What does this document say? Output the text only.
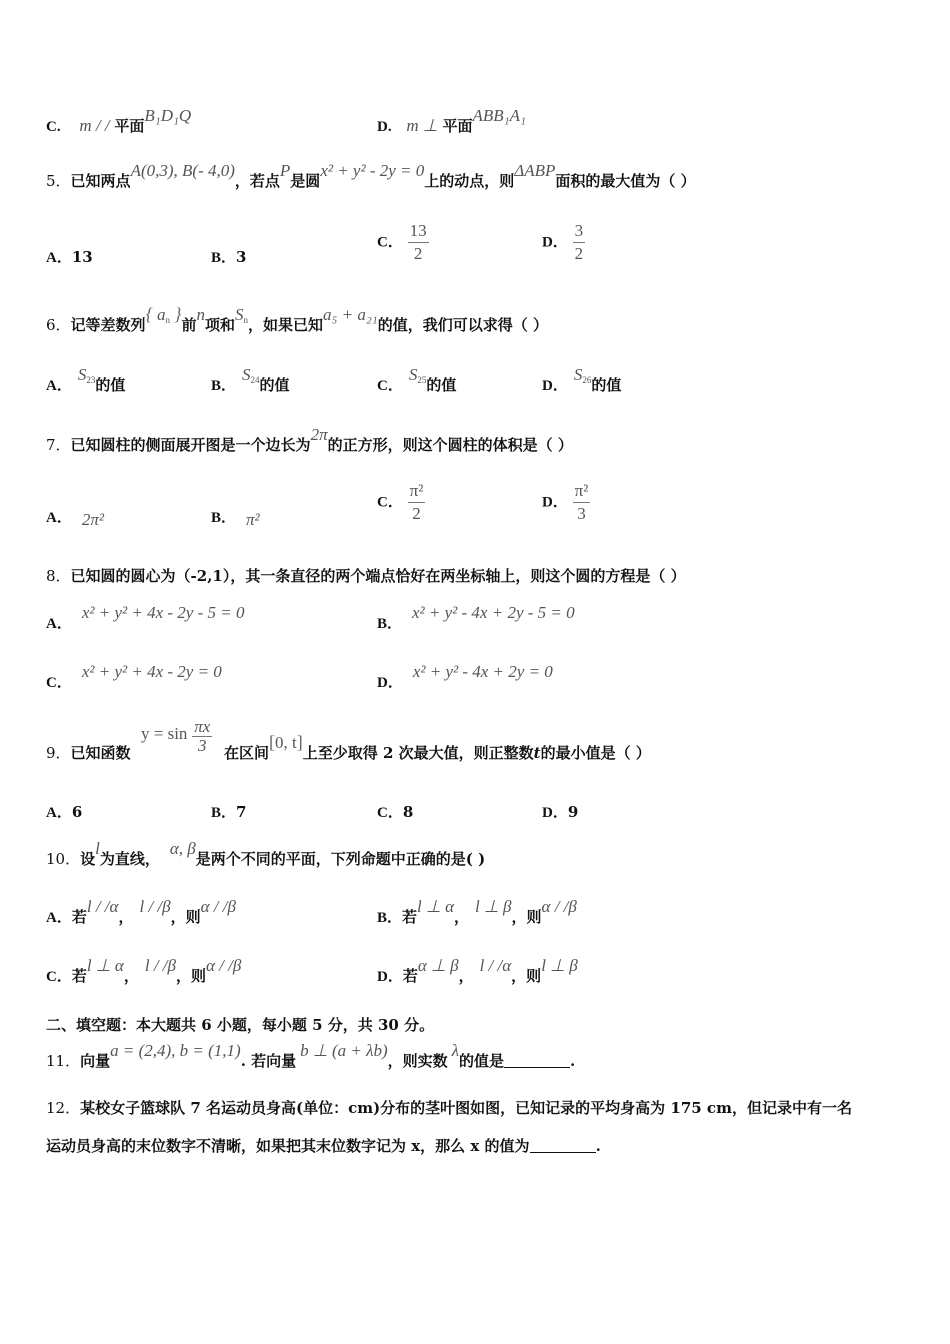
C. m / / 平面B₁D₁Q
D. m ⊥ 平面ABB₁A₁
5．已知两点A(0,3), B(- 4,0)，若点P是圆x² + y² - 2y = 0上的动点，则ΔABP面积的最大值为（ ）
A．13	B．3
C． $\frac{13}{2}$	D． $\frac{3}{2}$
6．记等差数列{ $a_n$ }前n项和$S_n$，如果已知a₅ + a₂₁的值，我们可以求得（ ）
A．$S_{23}$的值	B．$S_{24}$的值	C．$S_{25}$的值	D．$S_{26}$的值
7．已知圆柱的侧面展开图是一个边长为2π的正方形，则这个圆柱的体积是（ ）
A． 2π²	B． π²
C． $\frac{\text{π²}}{2}$	D． $\frac{\text{π²}}{3}$
8．已知圆的圆心为（-2,1），其一条直径的两个端点恰好在两坐标轴上，则这个圆的方程是（ ）
A．x² + y² + 4x - 2y - 5 = 0
B．x² + y² - 4x + 2y - 5 = 0
C．x² + y² + 4x - 2y = 0
D．x² + y² - 4x + 2y = 0
9．已知函数
$y = \sin \frac{\pi x}{3}$ 在区间[0, t]上至少取得 2 次最大值，则正整数t的最小值是（ ）
A．6	B．7	C．8	D．9
10．设l为直线，α, β是两个不同的平面，下列命题中正确的是( )
A．若l / /α，l / /β，则α / /β
B．若l ⊥ α，l ⊥ β，则α / /β
C．若l ⊥ α，l / /β，则α / /β
D．若α ⊥ β，l / /α，则l ⊥ β
二、填空题：本大题共 6 小题，每小题 5 分，共 30 分。
11．向量a = (2,4), b = (1,1). 若向量b ⊥ (a + λb)，则实数λ的值是	.
12．某校女子篮球队 7 名运动员身高(单位：cm)分布的茎叶图如图，已知记录的平均身高为 175 cm，但记录中有一名
运动员身高的末位数字不清晰，如果把其末位数字记为 x，那么 x 的值为	.
